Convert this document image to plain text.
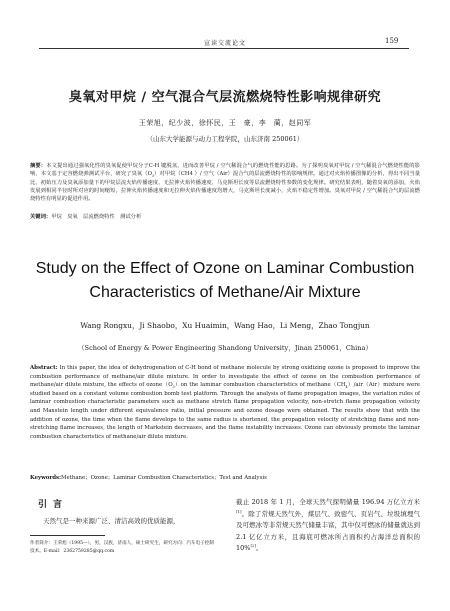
宣读交流论文	159
臭氧对甲烷 / 空气混合气层流燃烧特性影响规律研究
王荣旭，纪少波，徐怀民，王　豪，李　蔺，赵同军
（山东大学能源与动力工程学院，山东济南 250061）
摘要：本文提出通过强氧化性的臭氧促使甲烷分子C-H 键脱氢，进而改善甲烷 / 空气稀混合气的燃烧性能的思路。为了探明臭氧对甲烷 / 空气稀混合气燃烧性能的影响，本文基于定容燃烧弹测试平台，研究了臭氧$(O_3)$对甲烷（CH4 ）/ 空气（Air）混合气的层流燃烧特性的影响规律。通过对火焰传播图像的分析，得出不同当量比、初始压力及臭氧添加量下的甲烷层流火焰传播速度、无拉伸火焰传播速度、马克斯坦长度等层流燃烧特性参数的变化规律。研究结果表明，随着臭氧的添加，火焰发展到相同半径时所对应的时间缩短，拉伸火焰传播速度和无拉伸火焰传播速度均增大，马克斯坦长度减小，火焰不稳定性增加。臭氧对甲烷 / 空气稀混合气的层流燃烧特性有明显的促进作用。
关键词：甲烷　臭氧　层流燃烧特性　测试分析
Study on the Effect of Ozone on Laminar Combustion Characteristics of Methane/Air Mixture
Wang Rongxu，Ji Shaobo，Xu Huaimin，Wang Hao，Li Meng，Zhao Tongjun
（School of Energy & Power Engineering Shandong University，Jinan 250061，China）
Abstract: In this paper, the idea of dehydrogenation of C-H bond of methane molecule by strong oxidizing ozone is proposed to improve the combustion performance of methane/air dilute mixture. In order to investigate the effect of ozone on the combustion performance of methane/air dilute mixture, the effects of $ozone(O_3)on$ the laminar combustion characteristics of $methane(CH_4)/air(Air)mixture$ were studied based on a constant volume combustion bomb test platform. Through the analysis of flame propagation images, the variation rules of laminar combustion characteristic parameters such as methane stretch flame propagation velocity, non-stretch flame propagation velocity and Maxstein length under different equivalence ratio, initial pressure and ozone dosage were obtained. The results show that with the addition of ozone, the time when the flame develops to the same radius is shortened, the propagation velocity of stretching flame and non-stretching flame increases, the length of Markstein decreases, and the flame instability increases. Ozone can obviously promote the laminar combustion characteristics of methane/air dilute mixture.
Keywords:Methane；Ozone；Laminar Combustion Characteristics；Test and Analysis
引言
天然气是一种来源广泛、清洁高效的优质能源，
截止 2018 年 1 月，全球天然气探明储量 196.94 万亿立方米[1]。除了常规天然气外，煤层气、致密气、页岩气、垃圾填埋气及可燃冰等非常规天然气储量丰富，其中仅可燃冰的储量就达到 2.1 亿亿立方米，且海底可燃冰所占面积约占海洋总面积的 10%[2]。
作者简介：王荣旭（1995—），男，汉族，济南人，硕士研究生，研究方向：汽车电子控制技术。E-mail：2362759285@qq.com
